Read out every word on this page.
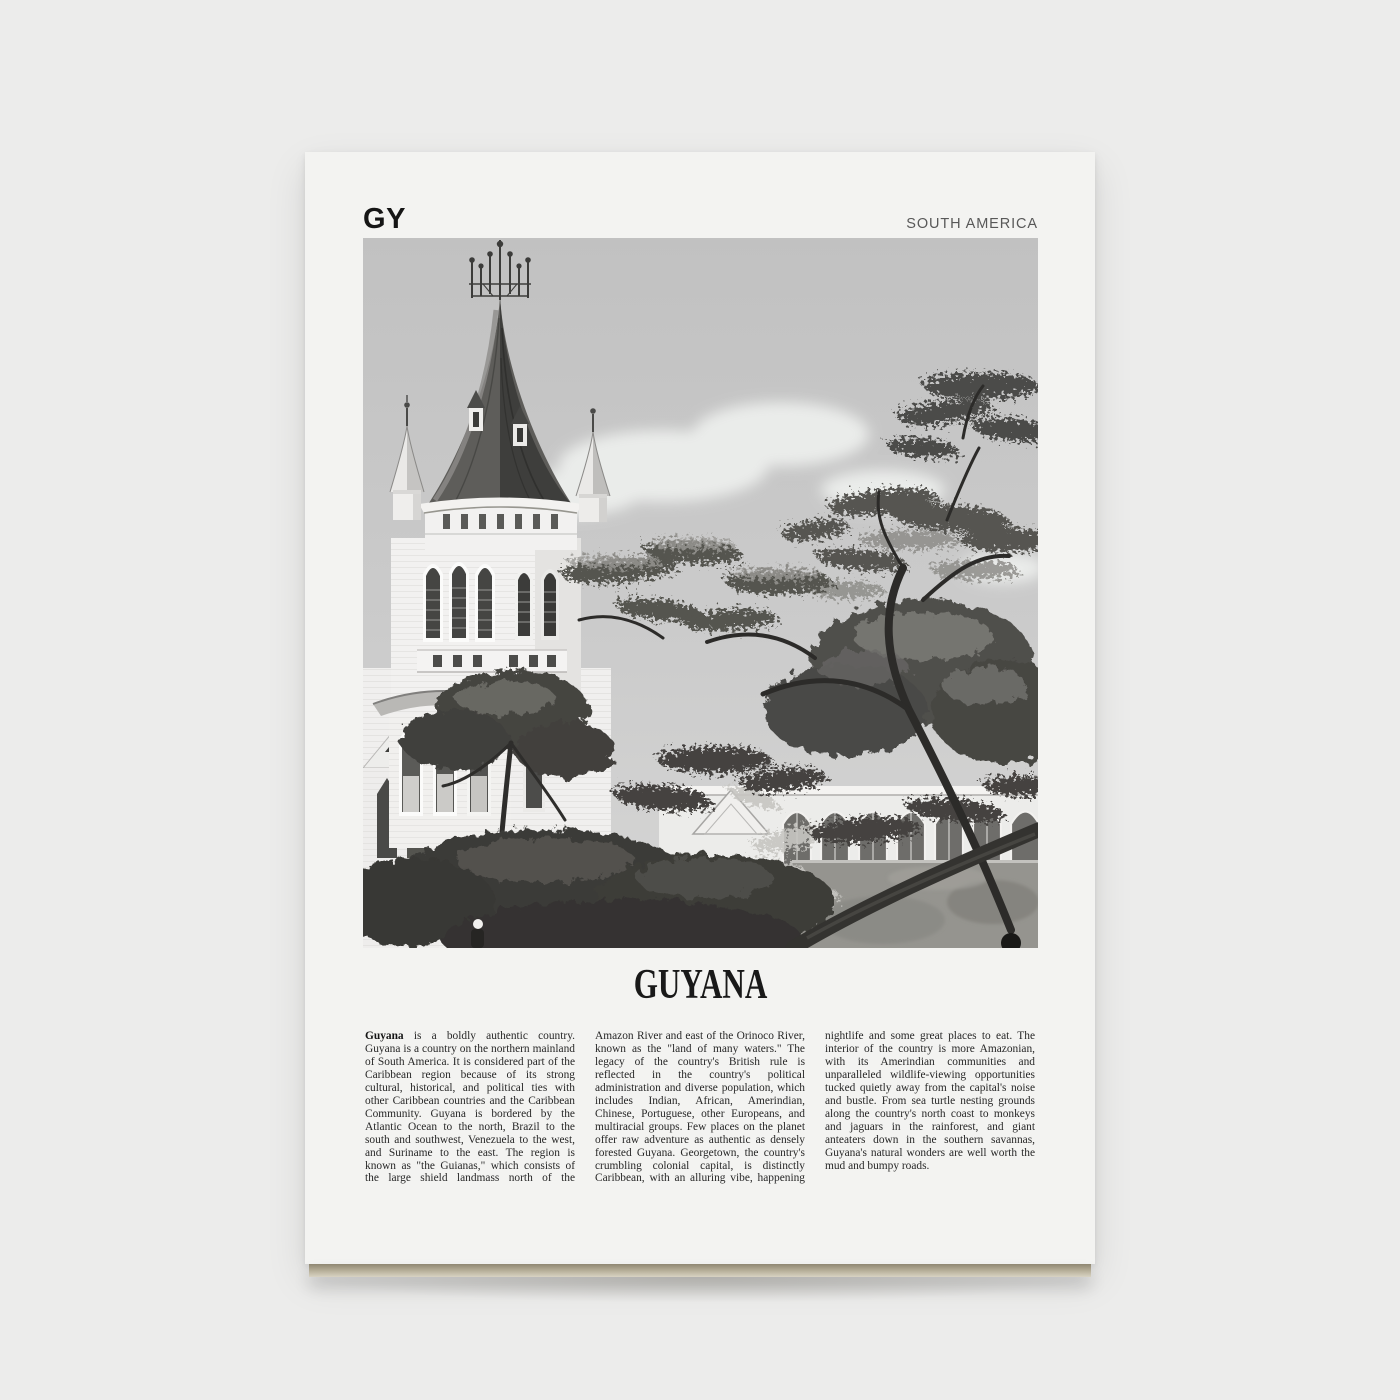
GY	SOUTH AMERICA
GUYANA
Guyana is a boldly authentic country. Guyana is a country on the northern mainland of South America. It is considered part of the Caribbean region because of its strong cultural, historical, and political ties with other Caribbean countries and the Caribbean Community. Guyana is bordered by the Atlantic Ocean to the north, Brazil to the south and southwest, Venezuela to the west, and Suriname to the east. The region is known as "the Guianas," which consists of the large shield landmass north of the Amazon River and east of the Orinoco River, known as the "land of many waters." The legacy of the country's British rule is reflected in the country's political administration and diverse population, which includes Indian, African, Amerindian, Chinese, Portuguese, other Europeans, and multiracial groups. Few places on the planet offer raw adventure as authentic as densely forested Guyana. Georgetown, the country's crumbling colonial capital, is distinctly Caribbean, with an alluring vibe, happening nightlife and some great places to eat. The interior of the country is more Amazonian, with its Amerindian communities and unparalleled wildlife-viewing opportunities tucked quietly away from the capital's noise and bustle. From sea turtle nesting grounds along the country's north coast to monkeys and jaguars in the rainforest, and giant anteaters down in the southern savannas, Guyana's natural wonders are well worth the mud and bumpy roads.
